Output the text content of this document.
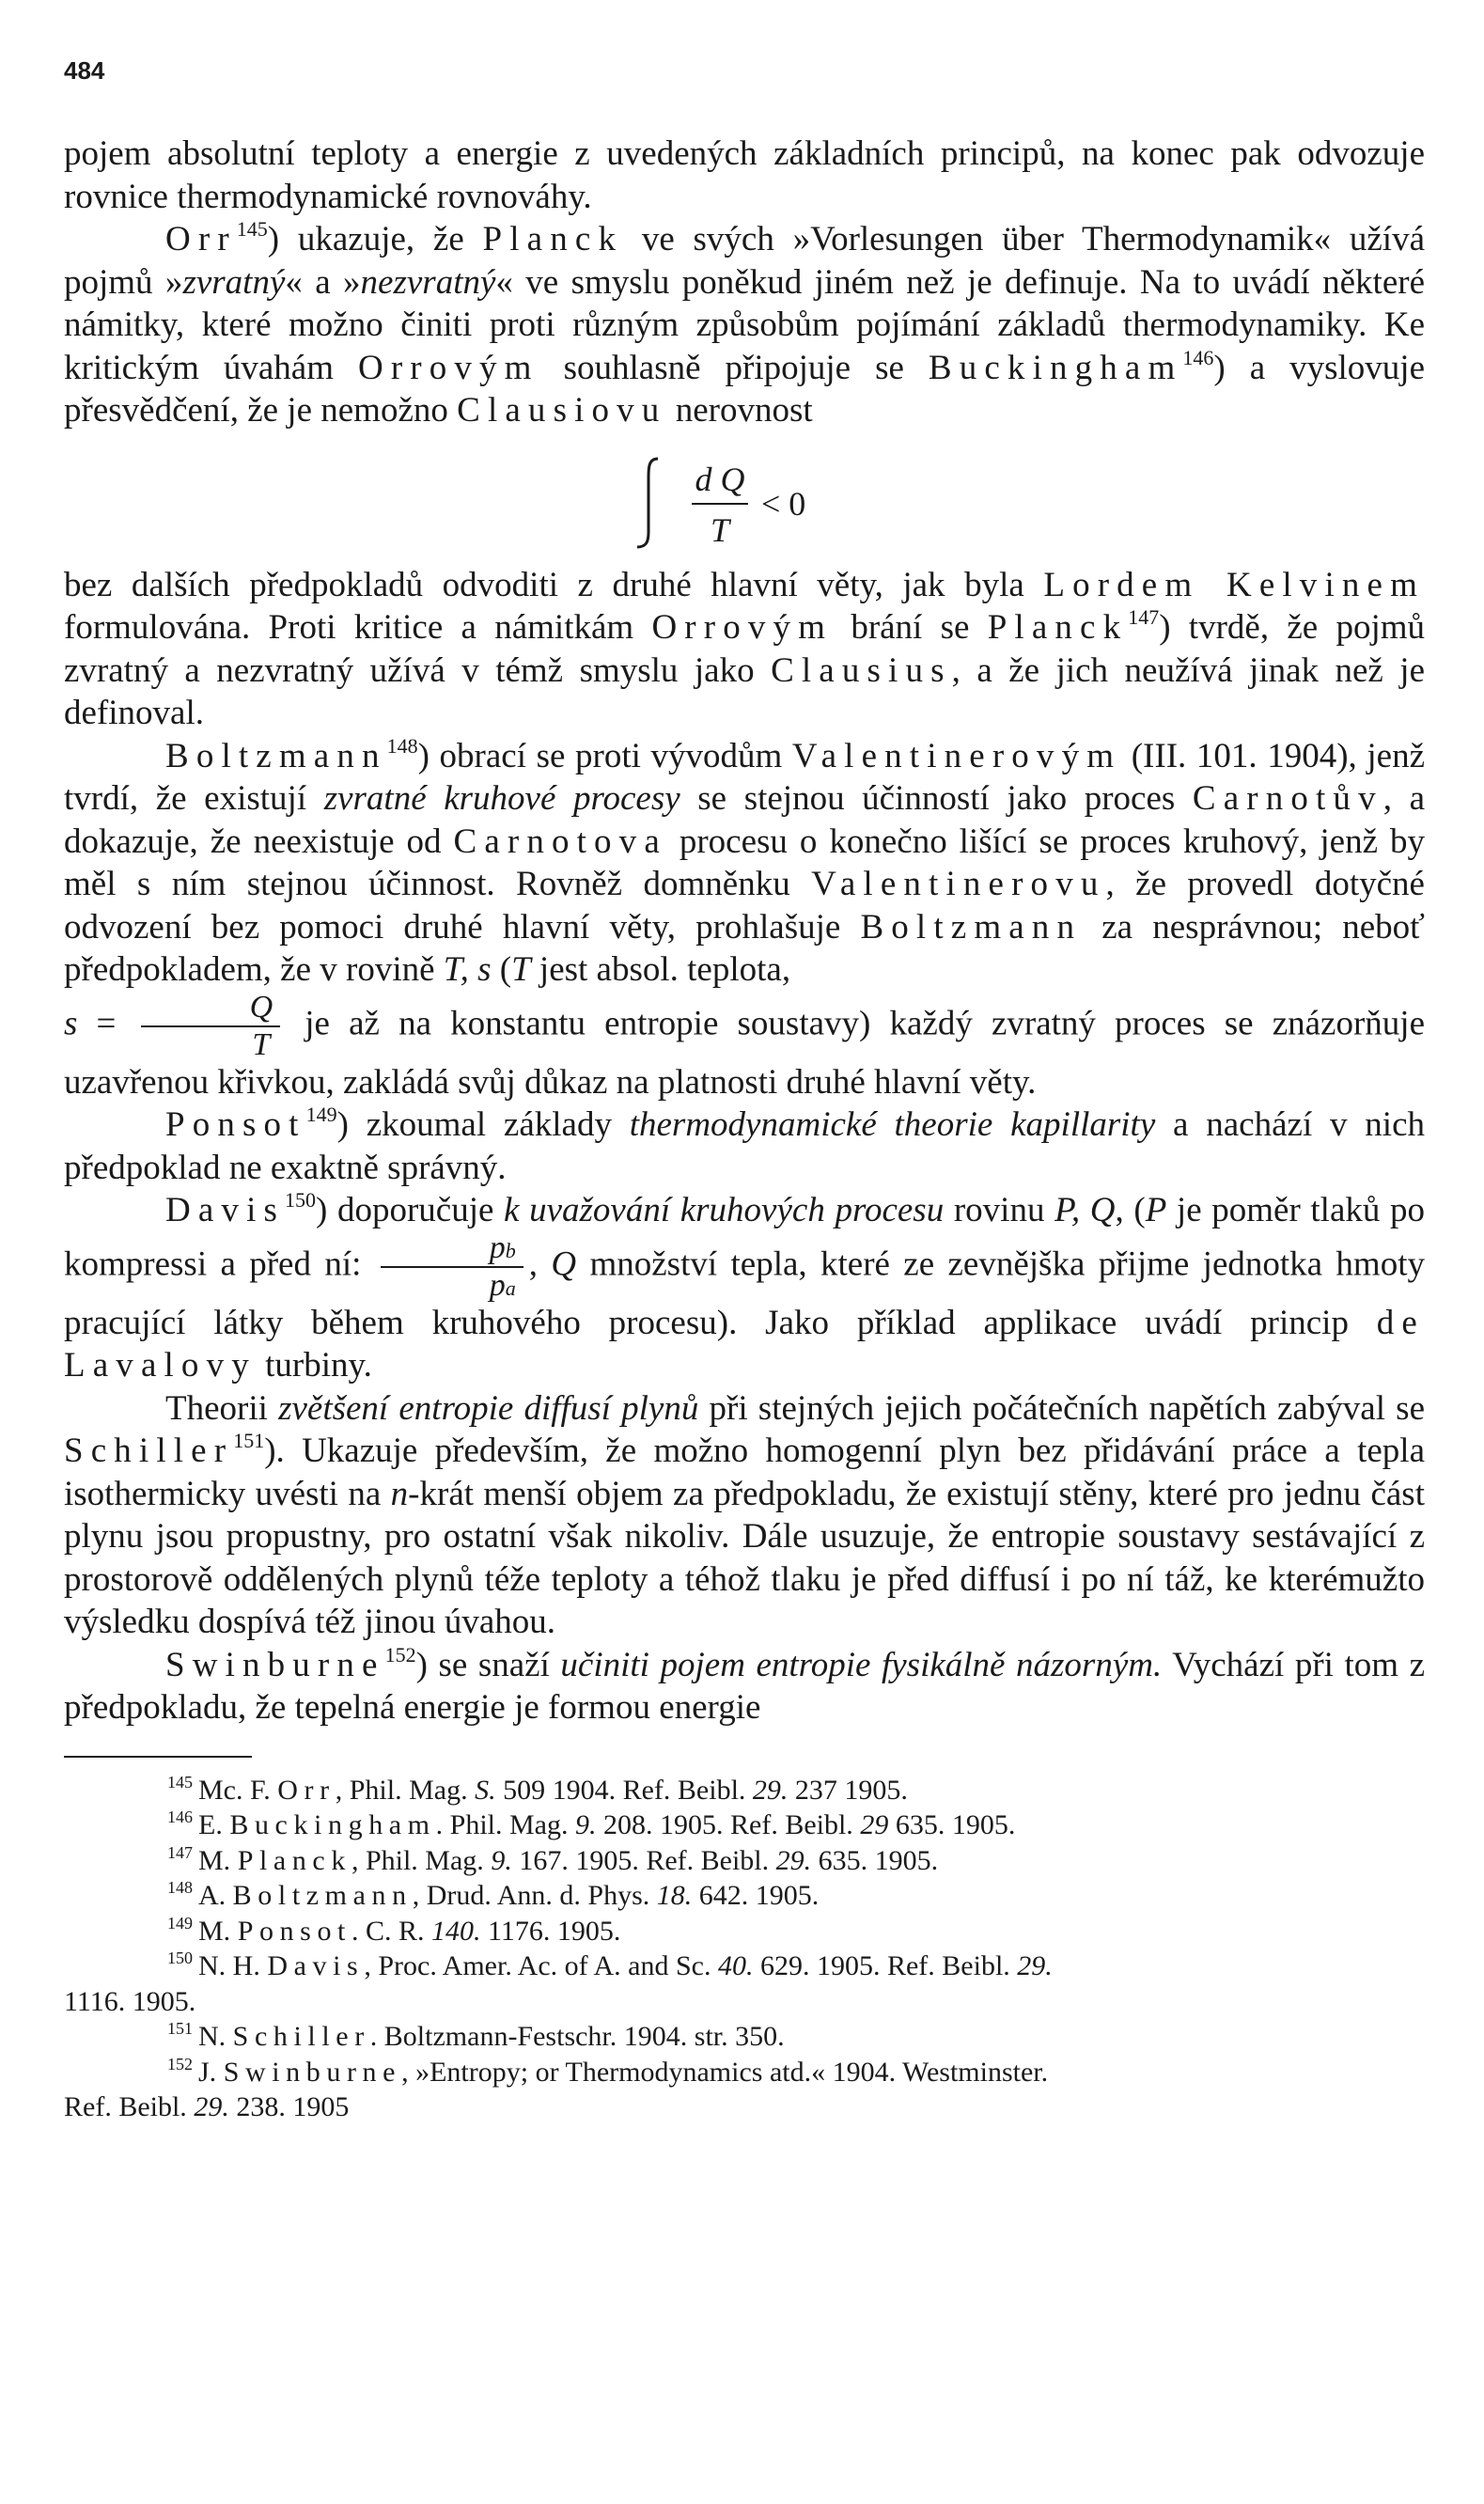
484

pojem absolutní teploty a energie z uvedených základních principů, na konec pak odvozuje rovnice thermodynamické rovnováhy.

Orr$^{145}$) ukazuje, že Planck ve svých »Vorlesungen über Thermodynamik« užívá pojmů »zvratný« a »nezvratný« ve smyslu poněkud jiném než je definuje. Na to uvádí některé námitky, které možno činiti proti různým způsobům pojímání základů thermodynamiky. Ke kritickým úvahám Orrovým souhlasně připojuje se Buckingham$^{146}$) a vyslovuje přesvědčení, že je nemožno Clausiovu nerovnost

d Q
T
< 0

bez dalších předpokladů odvoditi z druhé hlavní věty, jak byla Lordem Kelvinem formulována. Proti kritice a námitkám Orrovým brání se Planck$^{147}$) tvrdě, že pojmů zvratný a nezvratný užívá v témž smyslu jako Clausius, a že jich neužívá jinak než je definoval.

Boltzmann$^{148}$) obrací se proti vývodům Valentinerovým (III. 101. 1904), jenž tvrdí, že existují zvratné kruhové procesy se stejnou účinností jako proces Carnotův, a dokazuje, že neexistuje od Carnotova procesu o konečno lišící se proces kruhový, jenž by měl s ním stejnou účinnost. Rovněž domněnku Valentinerovu, že provedl dotyčné odvození bez pomoci druhé hlavní věty, prohlašuje Boltzmann za nesprávnou; neboť předpokladem, že v rovině T, s (T jest absol. teplota,
$s = \frac{Q}{T}$ je až na konstantu entropie soustavy) každý zvratný proces se znázorňuje uzavřenou křivkou, zakládá svůj důkaz na platnosti druhé hlavní věty.

Ponsot$^{149}$) zkoumal základy thermodynamické theorie kapillarity a nachází v nich předpoklad ne exaktně správný.

Davis$^{150}$) doporučuje k uvažování kruhových procesu rovinu P, Q, (P je poměr tlaků po kompressi a před ní: $\frac{pb}{pa}$ , Q množství tepla, které ze zevnějška přijme jednotka hmoty pracující látky během kruhového procesu). Jako příklad applikace uvádí princip de Lavalovy turbiny.

Theorii zvětšení entropie diffusí plynů při stejných jejich počátečních napětích zabýval se Schiller$^{151}$). Ukazuje především, že možno homogenní plyn bez přidávání práce a tepla isothermicky uvésti na n-krát menší objem za předpokladu, že existují stěny, které pro jednu část plynu jsou propustny, pro ostatní však nikoliv. Dále usuzuje, že entropie soustavy sestávající z prostorově oddělených plynů téže teploty a téhož tlaku je před diffusí i po ní táž, ke kterémužto výsledku dospívá též jinou úvahou.

Swinburne$^{152}$) se snaží učiniti pojem entropie fysikálně názorným. Vychází při tom z předpokladu, že tepelná energie je formou energie

$^{145}$ Mc. F. Orr, Phil. Mag. S. 509 1904. Ref. Beibl. 29. 237 1905.

$^{146}$ E. Buckingham. Phil. Mag. 9. 208. 1905. Ref. Beibl. 29 635. 1905.

$^{147}$ M. Planck, Phil. Mag. 9. 167. 1905. Ref. Beibl. 29. 635. 1905.

$^{148}$ A. Boltzmann, Drud. Ann. d. Phys. 18. 642. 1905.

$^{149}$ M. Ponsot. C. R. 140. 1176. 1905.

$^{150}$ N. H. Davis, Proc. Amer. Ac. of A. and Sc. 40. 629. 1905. Ref. Beibl. 29.

1116. 1905.

$^{151}$ N. Schiller. Boltzmann-Festschr. 1904. str. 350.

$^{152}$ J. Swinburne, »Entropy; or Thermodynamics atd.« 1904. Westminster.

Ref. Beibl. 29. 238. 1905
